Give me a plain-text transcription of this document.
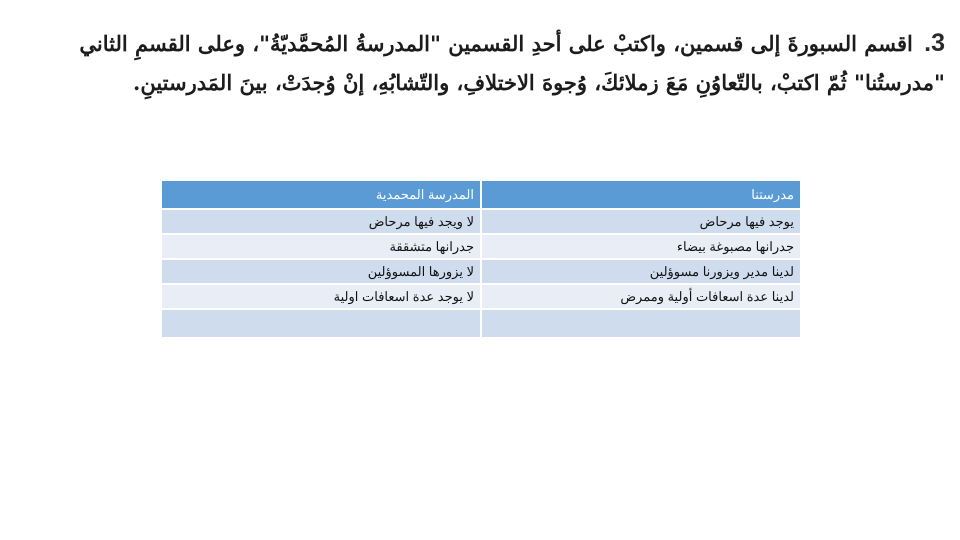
3. اقسم السبورةَ إلى قسمين، واكتبْ على أحدِ القسمين "المدرسةُ المُحمَّديّةُ"، وعلى القسمِ الثاني
"مدرستُنا" ثُمّ اكتبْ، بالتّعاوُنِ مَعَ زملائكَ، وُجوهَ الاختلافِ، والتّشابُهِ، إنْ وُجدَتْ، بينَ المَدرستينِ.
مدرستنا	المدرسة المحمدية
يوجد فيها مرحاض	لا ويجد فيها مرحاض
جدرانها مصبوغة بيضاء	جدرانها متشققة
لدينا مدير ويزورنا مسوؤلين	لا يزورها المسوؤلين
لدينا عدة اسعافات أولية وممرض	لا يوجد عدة اسعافات اولية
